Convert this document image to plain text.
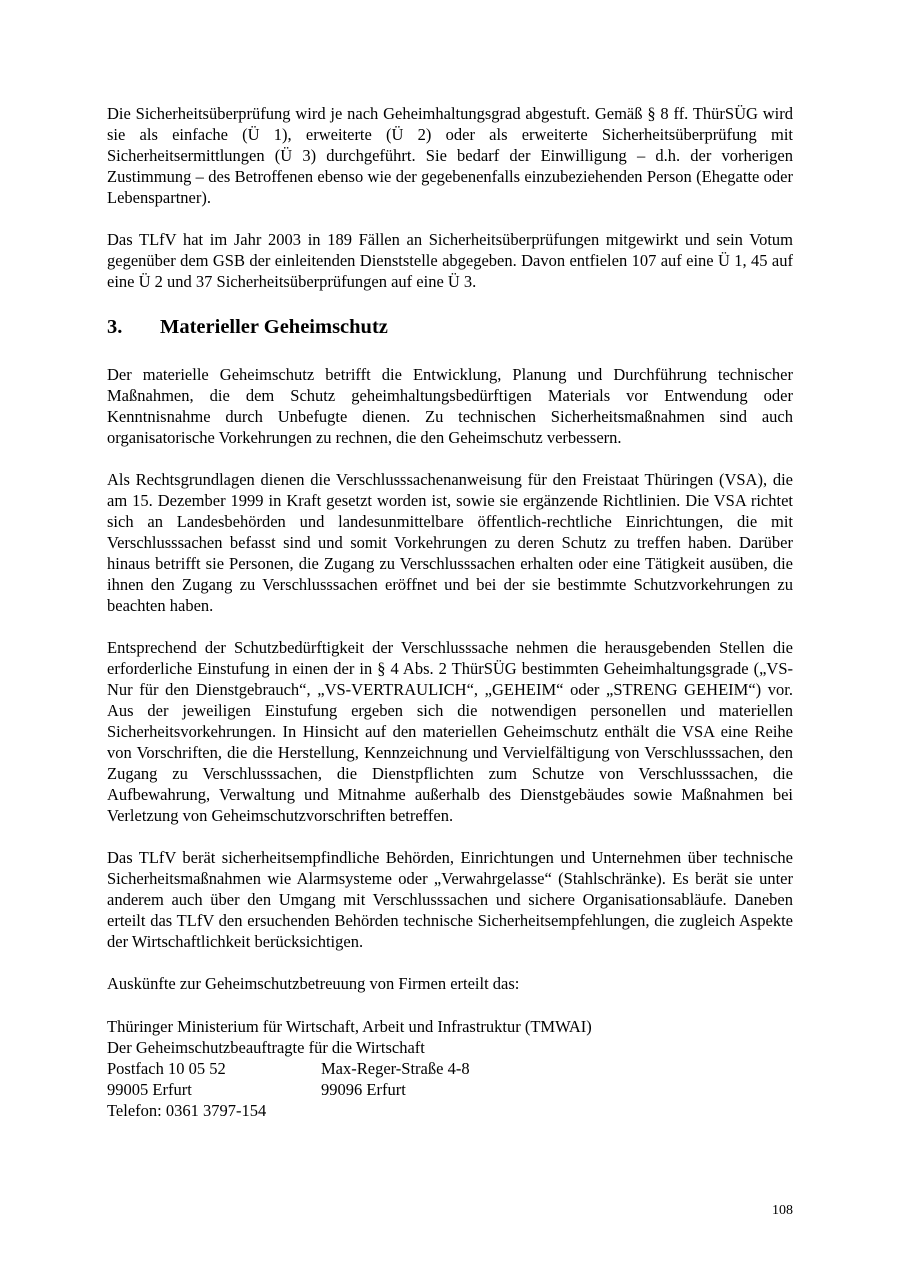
Die Sicherheitsüberprüfung wird je nach Geheimhaltungsgrad abgestuft. Gemäß § 8 ff. ThürSÜG wird sie als einfache (Ü 1), erweiterte (Ü 2) oder als erweiterte Sicherheitsüberprüfung mit Sicherheitsermittlungen (Ü 3) durchgeführt. Sie bedarf der Einwilligung – d.h. der vorherigen Zustimmung – des Betroffenen ebenso wie der gegebenenfalls einzubeziehenden Person (Ehegatte oder Lebenspartner).

Das TLfV hat im Jahr 2003 in 189 Fällen an Sicherheitsüberprüfungen mitgewirkt und sein Votum gegenüber dem GSB der einleitenden Dienststelle abgegeben. Davon entfielen 107 auf eine Ü 1, 45 auf eine Ü 2 und 37 Sicherheitsüberprüfungen auf eine Ü 3.

3.	Materieller Geheimschutz

Der materielle Geheimschutz betrifft die Entwicklung, Planung und Durchführung technischer Maßnahmen, die dem Schutz geheimhaltungsbedürftigen Materials vor Entwendung oder Kenntnisnahme durch Unbefugte dienen. Zu technischen Sicherheitsmaßnahmen sind auch organisatorische Vorkehrungen zu rechnen, die den Geheimschutz verbessern.

Als Rechtsgrundlagen dienen die Verschlusssachenanweisung für den Freistaat Thüringen (VSA), die am 15. Dezember 1999 in Kraft gesetzt worden ist, sowie sie ergänzende Richtlinien. Die VSA richtet sich an Landesbehörden und landesunmittelbare öffentlich-rechtliche Einrichtungen, die mit Verschlusssachen befasst sind und somit Vorkehrungen zu deren Schutz zu treffen haben. Darüber hinaus betrifft sie Personen, die Zugang zu Verschlusssachen erhalten oder eine Tätigkeit ausüben, die ihnen den Zugang zu Verschlusssachen eröffnet und bei der sie bestimmte Schutzvorkehrungen zu beachten haben.

Entsprechend der Schutzbedürftigkeit der Verschlusssache nehmen die herausgebenden Stellen die erforderliche Einstufung in einen der in § 4 Abs. 2 ThürSÜG bestimmten Geheimhaltungsgrade („VS-Nur für den Dienstgebrauch“, „VS-VERTRAULICH“, „GEHEIM“ oder „STRENG GEHEIM“) vor. Aus der jeweiligen Einstufung ergeben sich die notwendigen personellen und materiellen Sicherheitsvorkehrungen. In Hinsicht auf den materiellen Geheimschutz enthält die VSA eine Reihe von Vorschriften, die die Herstellung, Kennzeichnung und Vervielfältigung von Verschlusssachen, den Zugang zu Verschlusssachen, die Dienstpflichten zum Schutze von Verschlusssachen, die Aufbewahrung, Verwaltung und Mitnahme außerhalb des Dienstgebäudes sowie Maßnahmen bei Verletzung von Geheimschutzvorschriften betreffen.

Das TLfV berät sicherheitsempfindliche Behörden, Einrichtungen und Unternehmen über technische Sicherheitsmaßnahmen wie Alarmsysteme oder „Verwahrgelasse“ (Stahlschränke). Es berät sie unter anderem auch über den Umgang mit Verschlusssachen und sichere Organisationsabläufe. Daneben erteilt das TLfV den ersuchenden Behörden technische Sicherheitsempfehlungen, die zugleich Aspekte der Wirtschaftlichkeit berücksichtigen.

Auskünfte zur Geheimschutzbetreuung von Firmen erteilt das:

Thüringer Ministerium für Wirtschaft, Arbeit und Infrastruktur (TMWAI)
Der Geheimschutzbeauftragte für die Wirtschaft
Postfach 10 05 52	Max-Reger-Straße 4-8
99005 Erfurt	99096 Erfurt
Telefon: 0361 3797-154
108
